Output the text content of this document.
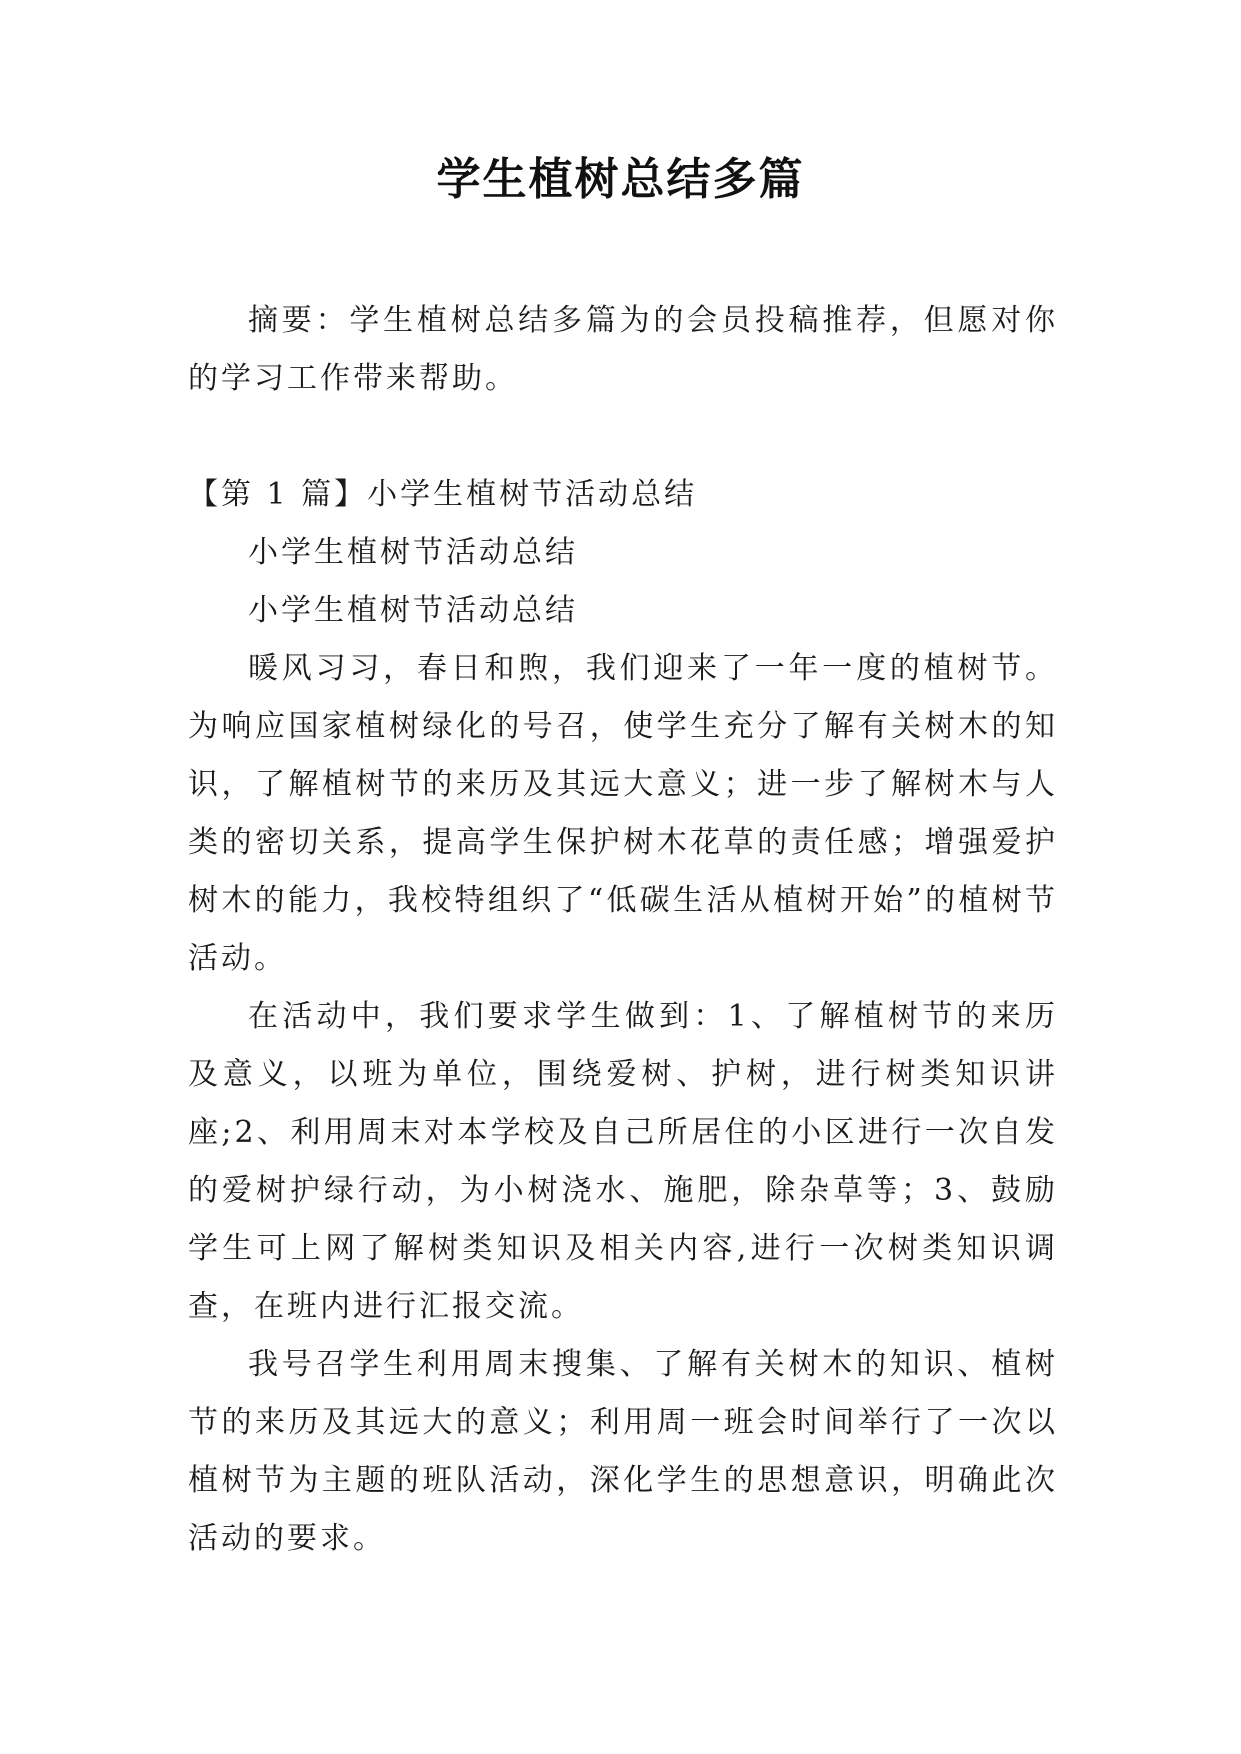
学生植树总结多篇

摘要：学生植树总结多篇为的会员投稿推荐，但愿对你的学习工作带来帮助。

【第 1 篇】小学生植树节活动总结

小学生植树节活动总结

小学生植树节活动总结

暖风习习，春日和煦，我们迎来了一年一度的植树节。为响应国家植树绿化的号召，使学生充分了解有关树木的知识，了解植树节的来历及其远大意义；进一步了解树木与人类的密切关系，提高学生保护树木花草的责任感；增强爱护树木的能力，我校特组织了“低碳生活从植树开始”的植树节活动。

在活动中，我们要求学生做到：1、了解植树节的来历及意义，以班为单位，围绕爱树、护树，进行树类知识讲座;2、利用周末对本学校及自己所居住的小区进行一次自发的爱树护绿行动，为小树浇水、施肥，除杂草等；3、鼓励学生可上网了解树类知识及相关内容,进行一次树类知识调查，在班内进行汇报交流。

我号召学生利用周末搜集、了解有关树木的知识、植树节的来历及其远大的意义；利用周一班会时间举行了一次以植树节为主题的班队活动，深化学生的思想意识，明确此次活动的要求。
